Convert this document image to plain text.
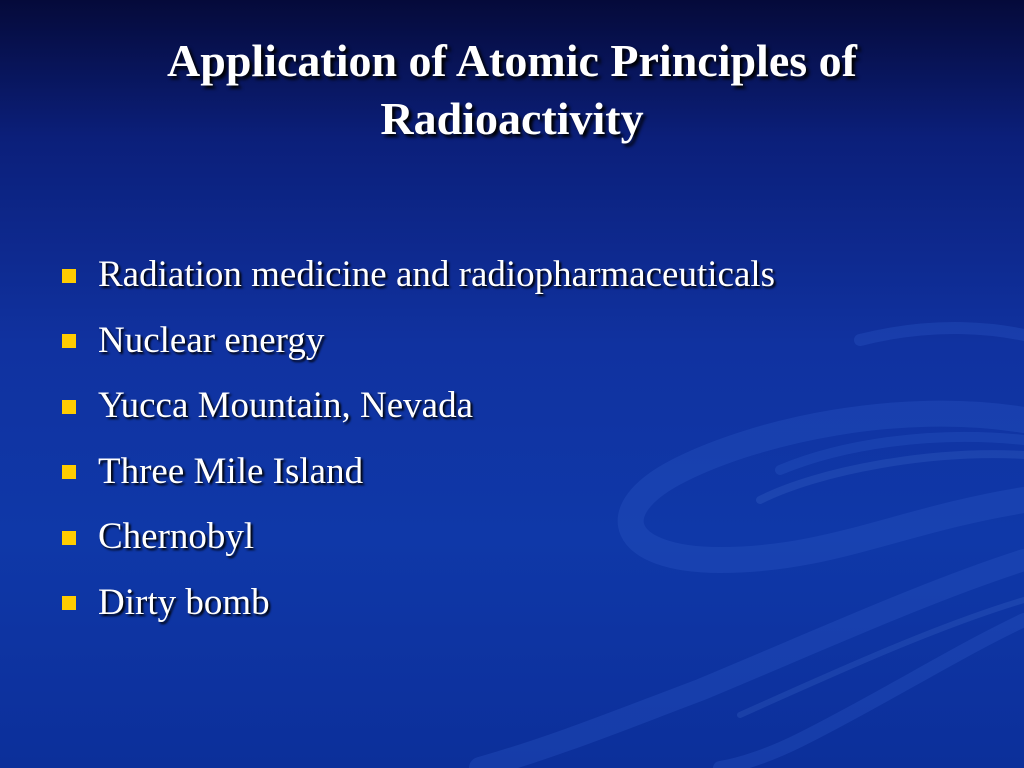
Application of Atomic Principles of Radioactivity
Radiation medicine and radiopharmaceuticals
Nuclear energy
Yucca Mountain, Nevada
Three Mile Island
Chernobyl
Dirty bomb
